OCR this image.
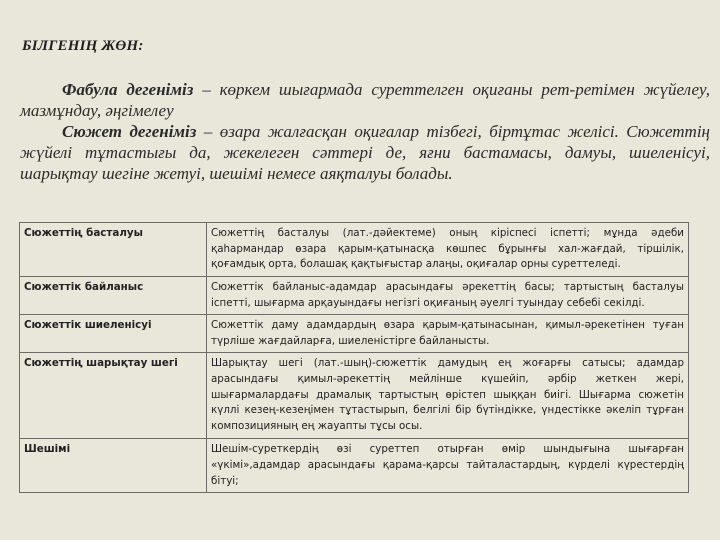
БІЛГЕНІҢ ЖӨН:

Фабула дегеніміз – көркем шығармада суреттелген оқиғаны рет-ретімен жүйелеу, мазмұндау, әңгімелеу

Сюжет дегеніміз – өзара жалғасқан оқиғалар тізбегі, біртұтас желісі. Сюжеттің жүйелі тұтастығы да, жекелеген сәттері де, яғни бастамасы, дамуы, шиеленісуі, шарықтау шегіне жетуі, шешімі немесе аяқталуы болады.

Сюжеттің басталуы	Сюжеттің басталуы (лат.-дәйектеме) оның кіріспесі іспетті; мұнда әдеби қаһармандар өзара қарым-қатынасқа көшпес бұрынғы хал-жағдай, тіршілік, қоғамдық орта, болашақ қақтығыстар алаңы, оқиғалар орны суреттеледі.
Сюжеттік байланыс	Сюжеттік байланыс-адамдар арасындағы әрекеттің басы; тартыстың басталуы іспетті, шығарма арқауындағы негізгі оқиғаның әуелгі туындау себебі секілді.
Сюжеттік шиеленісуі	Сюжеттік даму адамдардың өзара қарым-қатынасынан, қимыл-әрекетінен туған түрліше жағдайларға, шиеленістірге байланысты.
Сюжеттің шарықтау шегі	Шарықтау шегі (лат.-шың)-сюжеттік дамудың ең жоғарғы сатысы; адамдар арасындағы қимыл-әрекеттің мейлінше күшейіп, әрбір жеткен жері, шығармалардағы драмалық тартыстың өрістеп шыққан биігі. Шығарма сюжетін күллі кезең-кезеңімен тұтастырып, белгілі бір бүтіндікке, үндестікке әкеліп тұрған композицияның ең жауапты тұсы осы.
Шешімі	Шешім-суреткердің өзі суреттеп отырған өмір шындығына шығарған «үкімі»,адамдар арасындағы қарама-қарсы тайталастардың, күрделі күрестердің бітуі;
